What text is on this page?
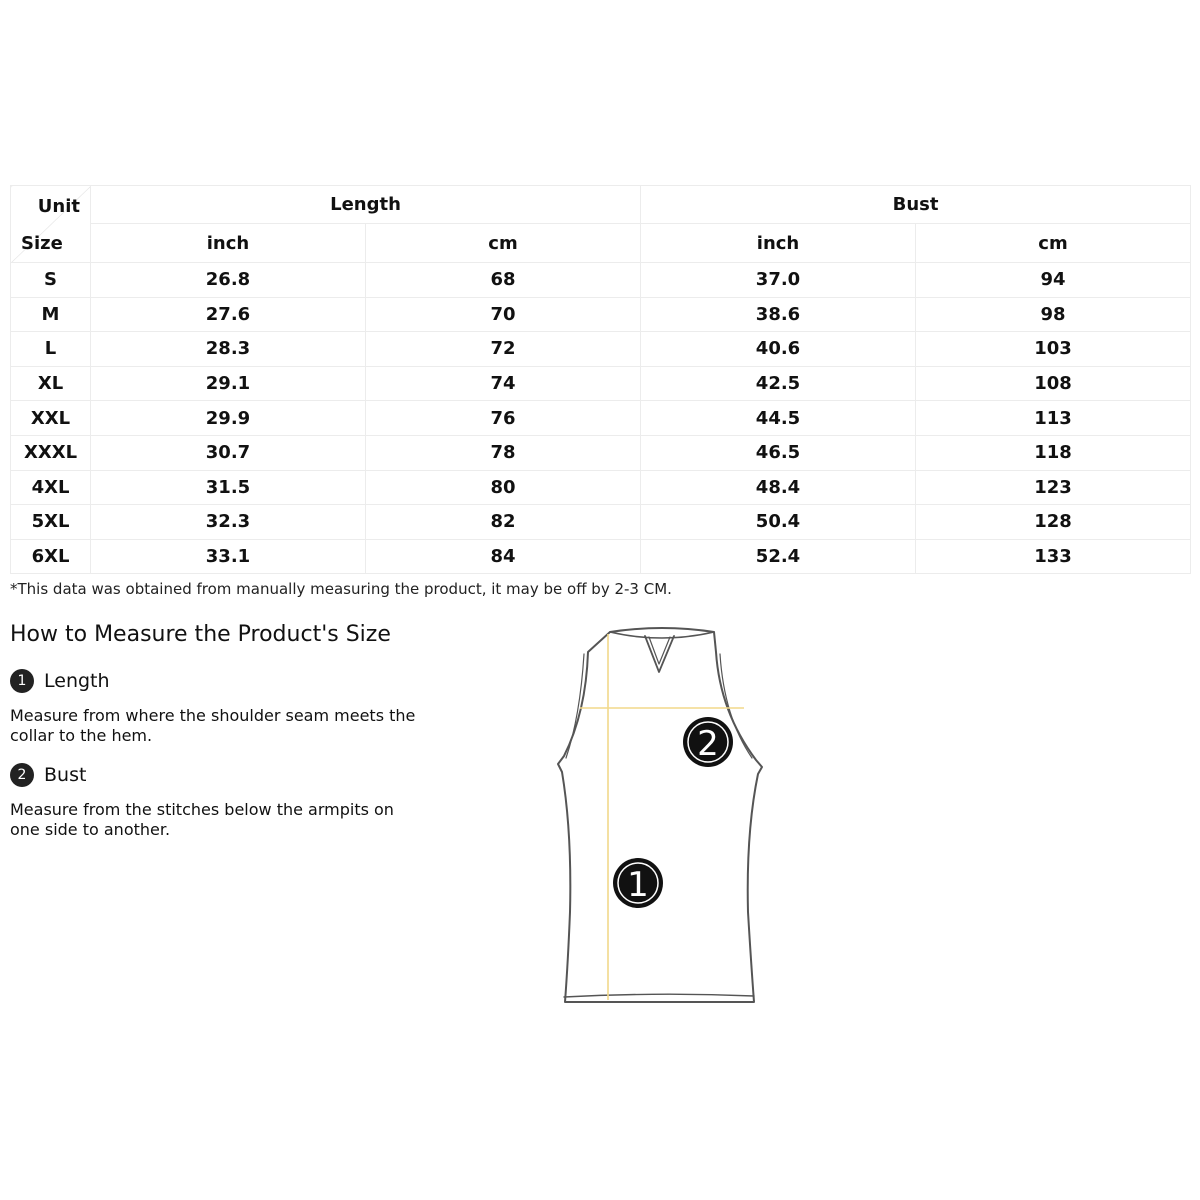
Unit
Size	Length		Bust	
	inch	cm	inch	cm
S	26.8	68	37.0	94
M	27.6	70	38.6	98
L	28.3	72	40.6	103
XL	29.1	74	42.5	108
XXL	29.9	76	44.5	113
XXXL	30.7	78	46.5	118
4XL	31.5	80	48.4	123
5XL	32.3	82	50.4	128
6XL	33.1	84	52.4	133
*This data was obtained from manually measuring the product, it may be off by 2-3 CM.
How to Measure the Product's Size
1 Length

Measure from where the shoulder seam meets the collar to the hem.

2 Bust

Measure from the stitches below the armpits on one side to another.

2
1
